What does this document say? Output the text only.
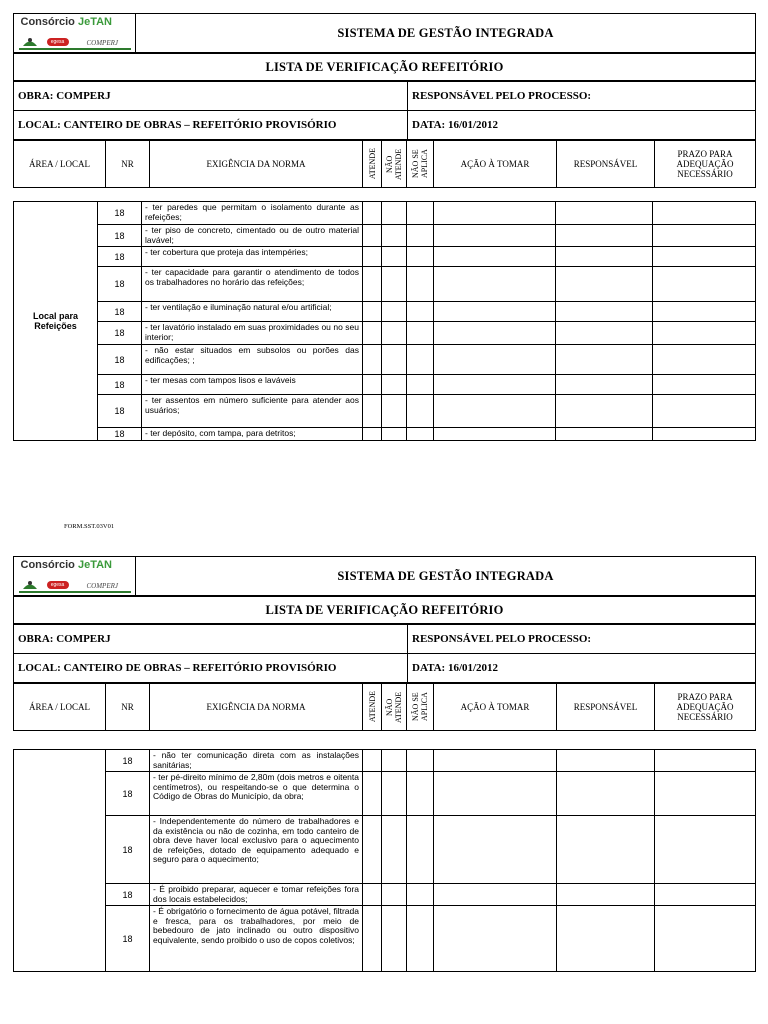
Consórcio JeTAN
egesa	COMPERJ
	SISTEMA DE GESTÃO INTEGRADA
LISTA DE VERIFICAÇÃO REFEITÓRIO
OBRA: COMPERJ	RESPONSÁVEL PELO PROCESSO:
LOCAL: CANTEIRO DE OBRAS – REFEITÓRIO PROVISÓRIO	DATA: 16/01/2012
ÁREA / LOCAL	NR	EXIGÊNCIA DA NORMA	ATENDE	NÃO ATENDE	NÃO SE APLICA	AÇÃO À TOMAR	RESPONSÁVEL	PRAZO PARA ADEQUAÇÃO NECESSÁRIO
Local para Refeições	18	- ter paredes que permitam o isolamento durante as refeições;						
	18	- ter piso de concreto, cimentado ou de outro material lavável;						
	18	- ter cobertura que proteja das intempéries;						
	18	- ter capacidade para garantir o atendimento de todos os trabalhadores no horário das refeições;						
	18	- ter ventilação e iluminação natural e/ou artificial;						
	18	- ter lavatório instalado em suas proximidades ou no seu interior;						
	18	- não estar situados em subsolos ou porões das edificações; ;						
	18	- ter mesas com tampos lisos e laváveis						
	18	- ter assentos em número suficiente para atender aos usuários;						
	18	- ter depósito, com tampa, para detritos;						
FORM.SST.03V01
Consórcio JeTAN
egesa	COMPERJ
	SISTEMA DE GESTÃO INTEGRADA
LISTA DE VERIFICAÇÃO REFEITÓRIO
OBRA: COMPERJ	RESPONSÁVEL PELO PROCESSO:
LOCAL: CANTEIRO DE OBRAS – REFEITÓRIO PROVISÓRIO	DATA: 16/01/2012
ÁREA / LOCAL	NR	EXIGÊNCIA DA NORMA	ATENDE	NÃO ATENDE	NÃO SE APLICA	AÇÃO À TOMAR	RESPONSÁVEL	PRAZO PARA ADEQUAÇÃO NECESSÁRIO
	18	- não ter comunicação direta com as instalações sanitárias;						
	18	- ter pé-direito mínimo de 2,80m (dois metros e oitenta centímetros), ou respeitando-se o que determina o Código de Obras do Município, da obra;						
	18	- Independentemente do número de trabalhadores e da existência ou não de cozinha, em todo canteiro de obra deve haver local exclusivo para o aquecimento de refeições, dotado de equipamento adequado e seguro para o aquecimento;						
	18	- É proibido preparar, aquecer e tomar refeições fora dos locais estabelecidos;						
	18	- É obrigatório o fornecimento de água potável, filtrada e fresca, para os trabalhadores, por meio de bebedouro de jato inclinado ou outro dispositivo equivalente, sendo proibido o uso de copos coletivos;						
